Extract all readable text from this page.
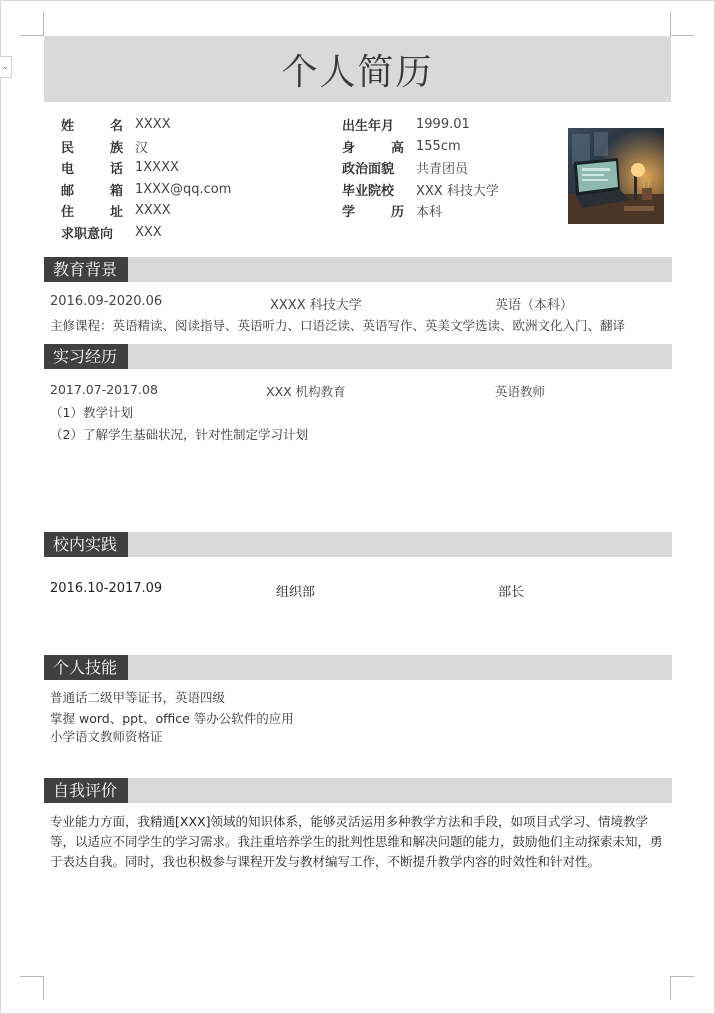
⌄	个人简历
姓	名 XXXX
民	族 汉
电	话 1XXXX
邮	箱 1XXX@qq.com
住	址 XXXX
求职意向 XXX
出生年月 1999.01
身	高 155cm
政治面貌 共青团员
毕业院校 XXX 科技大学
学	历 本科
教育背景
2016.09-2020.06	XXXX 科技大学	英语（本科）
主修课程：英语精读、阅读指导、英语听力、口语泛读、英语写作、英美文学选读、欧洲文化入门、翻译
实习经历
2017.07-2017.08	XXX 机构教育	英语教师
（1）教学计划
（2）了解学生基础状况，针对性制定学习计划
校内实践
2016.10-2017.09	组织部	部长
个人技能
普通话二级甲等证书，英语四级
掌握 word、ppt、office 等办公软件的应用
小学语文教师资格证
自我评价
专业能力方面，我精通[XXX]领域的知识体系，能够灵活运用多种教学方法和手段，如项目式学习、情境教学等，以适应不同学生的学习需求。我注重培养学生的批判性思维和解决问题的能力，鼓励他们主动探索未知，勇于表达自我。同时，我也积极参与课程开发与教材编写工作，不断提升教学内容的时效性和针对性。
